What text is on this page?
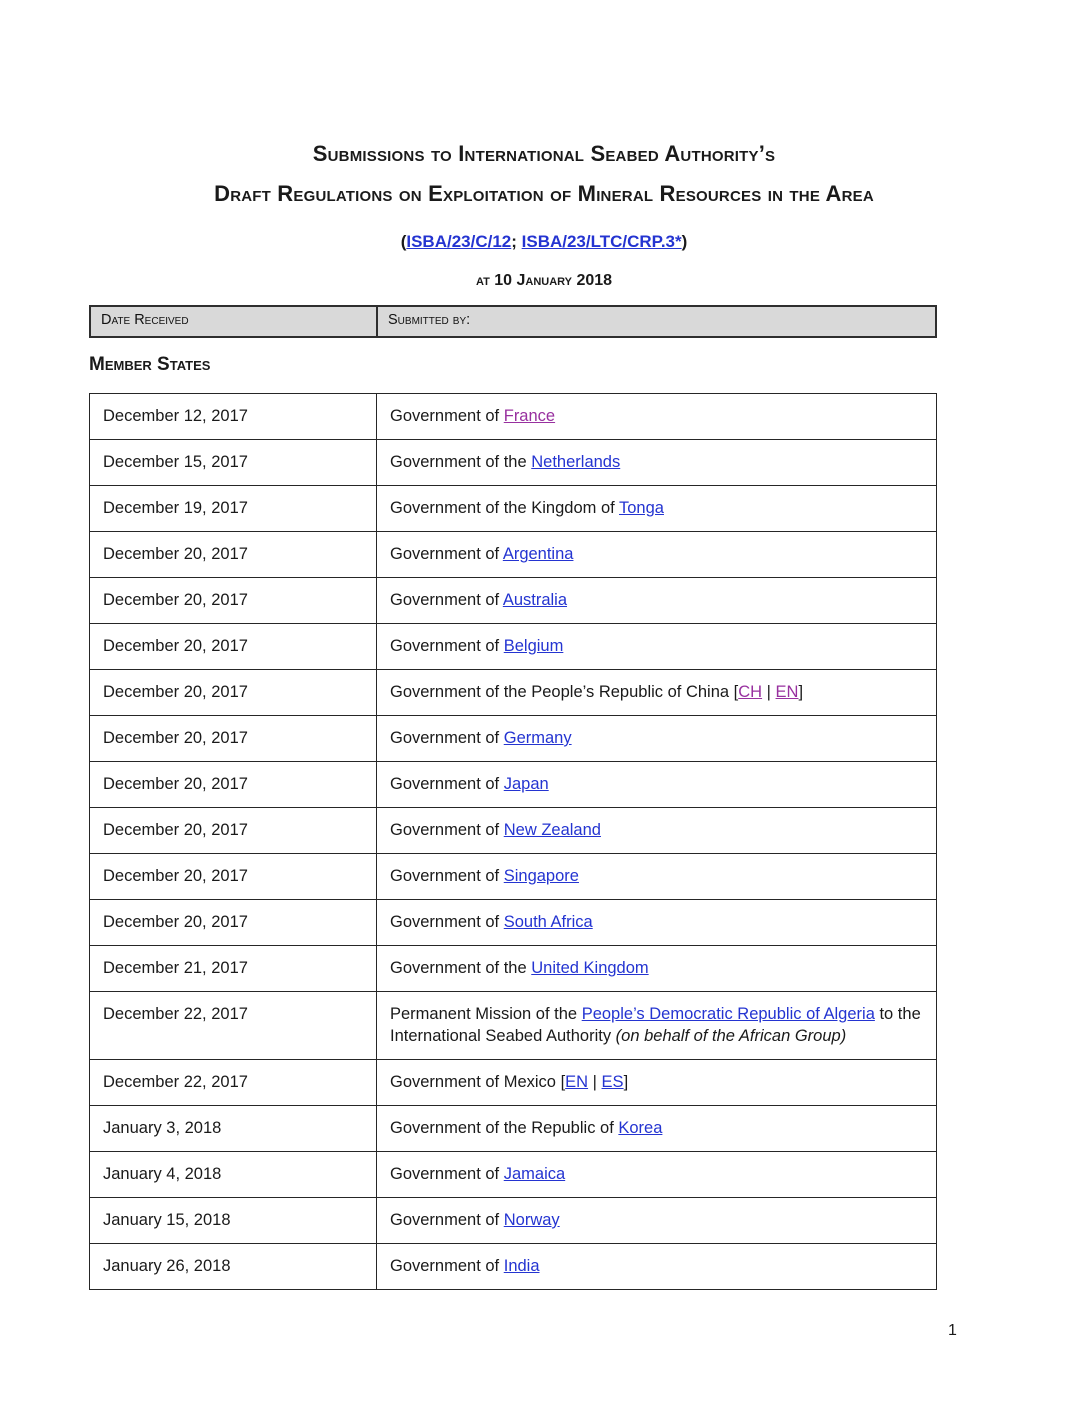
Submissions to International Seabed Authority’s
Draft Regulations on Exploitation of Mineral Resources in the Area
(ISBA/23/C/12; ISBA/23/LTC/CRP.3*)
at 10 January 2018
Date Received	Submitted by:
Member States
December 12, 2017	Government of France
December 15, 2017	Government of the Netherlands
December 19, 2017	Government of the Kingdom of Tonga
December 20, 2017	Government of Argentina
December 20, 2017	Government of Australia
December 20, 2017	Government of Belgium
December 20, 2017	Government of the People’s Republic of China [CH | EN]
December 20, 2017	Government of Germany
December 20, 2017	Government of Japan
December 20, 2017	Government of New Zealand
December 20, 2017	Government of Singapore
December 20, 2017	Government of South Africa
December 21, 2017	Government of the United Kingdom
December 22, 2017	Permanent Mission of the People’s Democratic Republic of Algeria to the International Seabed Authority (on behalf of the African Group)
December 22, 2017	Government of Mexico [EN | ES]
January 3, 2018	Government of the Republic of Korea
January 4, 2018	Government of Jamaica
January 15, 2018	Government of Norway
January 26, 2018	Government of India
1
